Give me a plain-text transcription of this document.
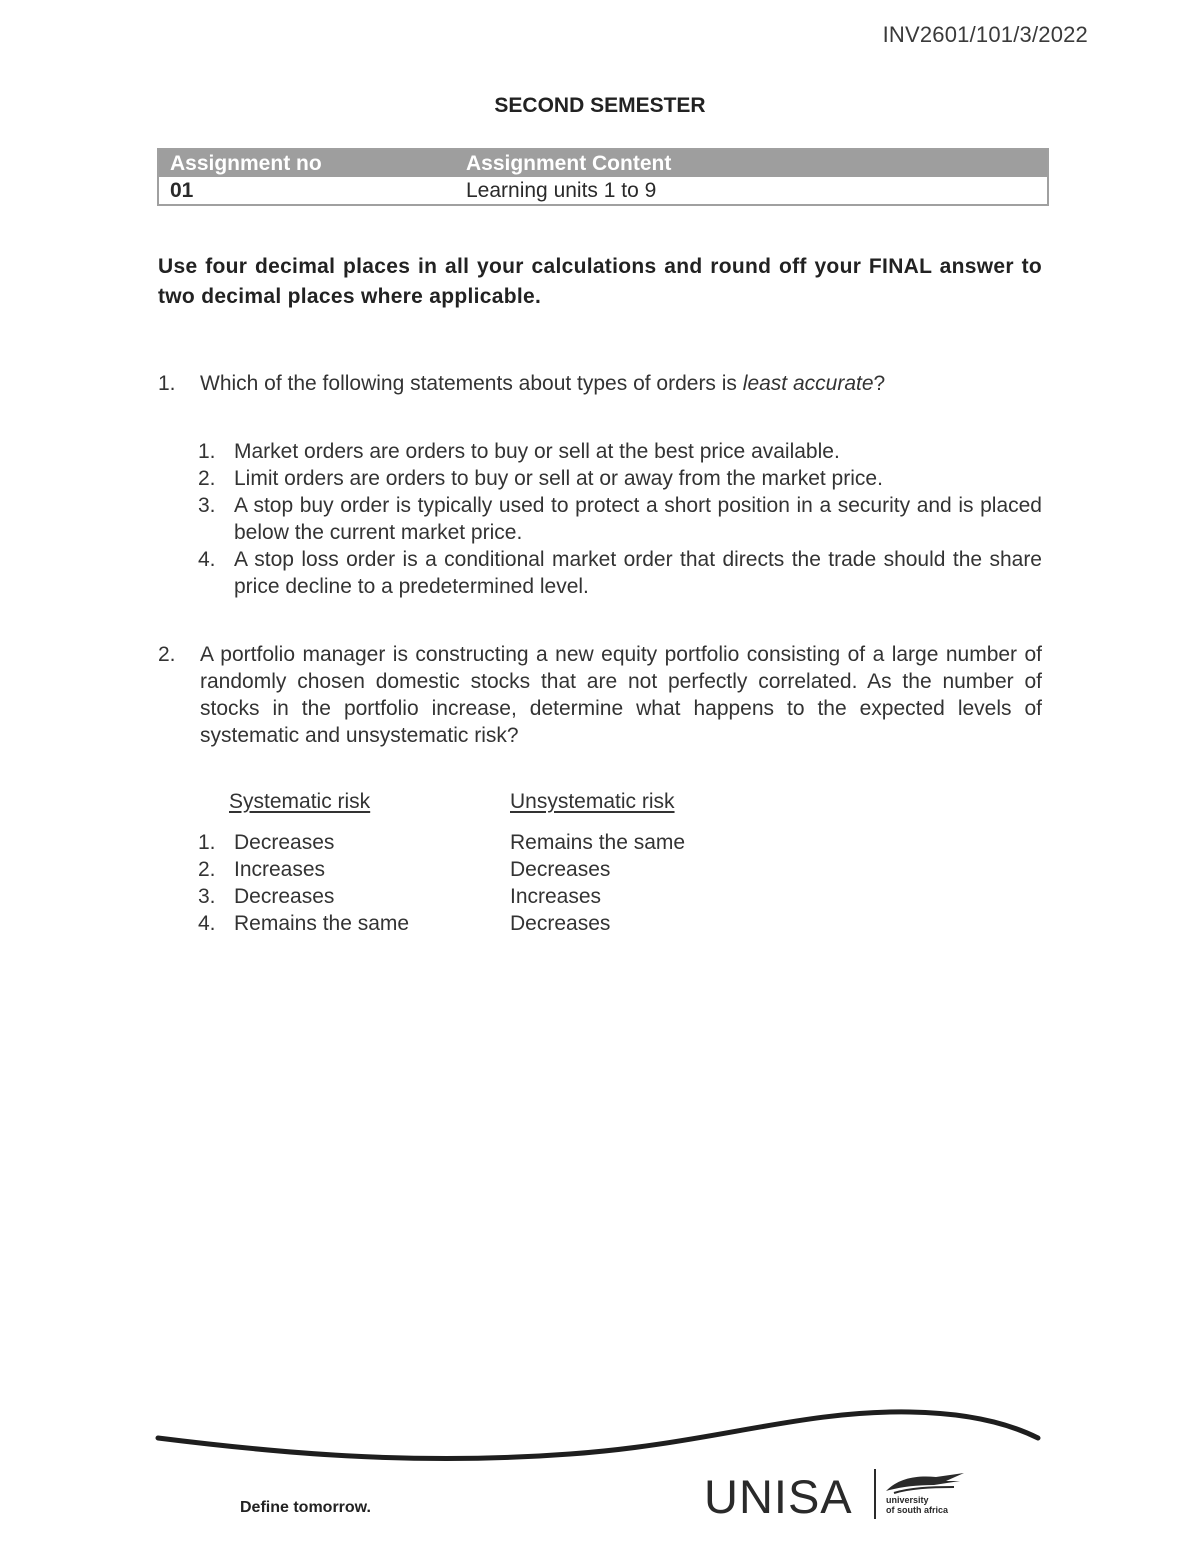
INV2601/101/3/2022
SECOND SEMESTER
Assignment no	Assignment Content
01	Learning units 1 to 9
Use four decimal places in all your calculations and round off your FINAL answer to two decimal places where applicable.
1. Which of the following statements about types of orders is least accurate?
1. Market orders are orders to buy or sell at the best price available.
2. Limit orders are orders to buy or sell at or away from the market price.
3. A stop buy order is typically used to protect a short position in a security and is placed below the current market price.
4. A stop loss order is a conditional market order that directs the trade should the share price decline to a predetermined level.
2. A portfolio manager is constructing a new equity portfolio consisting of a large number of randomly chosen domestic stocks that are not perfectly correlated. As the number of stocks in the portfolio increase, determine what happens to the expected levels of systematic and unsystematic risk?
Systematic risk	Unsystematic risk
1. Decreases	Remains the same
2. Increases	Decreases
3. Decreases	Increases
4. Remains the same	Decreases
Define tomorrow.	UNISA	university
of south africa
